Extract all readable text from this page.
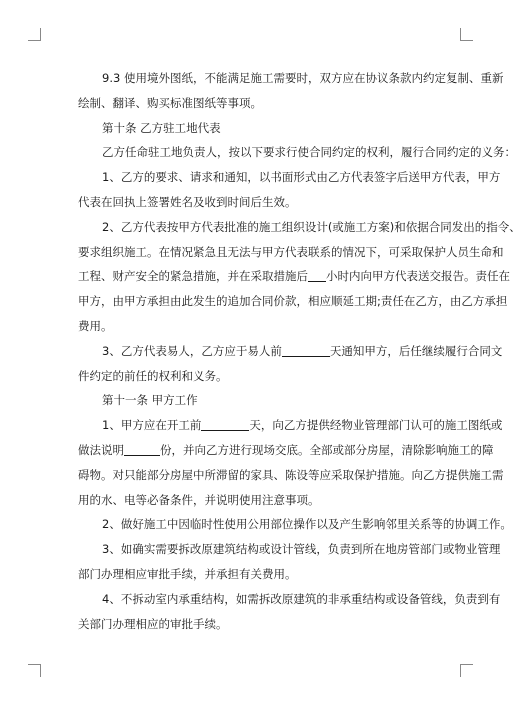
9.3 使用境外图纸，不能满足施工需要时，双方应在协议条款内约定复制、重新
绘制、翻译、购买标准图纸等事项。
第十条 乙方驻工地代表
乙方任命驻工地负责人，按以下要求行使合同约定的权利，履行合同约定的义务：
1、乙方的要求、请求和通知，以书面形式由乙方代表签字后送甲方代表，甲方
代表在回执上签署姓名及收到时间后生效。
2、乙方代表按甲方代表批准的施工组织设计(或施工方案)和依据合同发出的指令、
要求组织施工。在情况紧急且无法与甲方代表联系的情况下，可采取保护人员生命和
工程、财产安全的紧急措施，并在采取措施后 小时内向甲方代表送交报告。责任在
甲方，由甲方承担由此发生的追加合同价款，相应顺延工期;责任在乙方，由乙方承担
费用。
3、乙方代表易人，乙方应于易人前	天通知甲方，后任继续履行合同文
件约定的前任的权利和义务。
第十一条 甲方工作
1、甲方应在开工前	天，向乙方提供经物业管理部门认可的施工图纸或
做法说明	份，并向乙方进行现场交底。全部或部分房屋，清除影响施工的障
碍物。对只能部分房屋中所滞留的家具、陈设等应采取保护措施。向乙方提供施工需
用的水、电等必备条件，并说明使用注意事项。
2、做好施工中因临时性使用公用部位操作以及产生影响邻里关系等的协调工作。
3、如确实需要拆改原建筑结构或设计管线，负责到所在地房管部门或物业管理
部门办理相应审批手续，并承担有关费用。
4、不拆动室内承重结构，如需拆改原建筑的非承重结构或设备管线，负责到有
关部门办理相应的审批手续。
